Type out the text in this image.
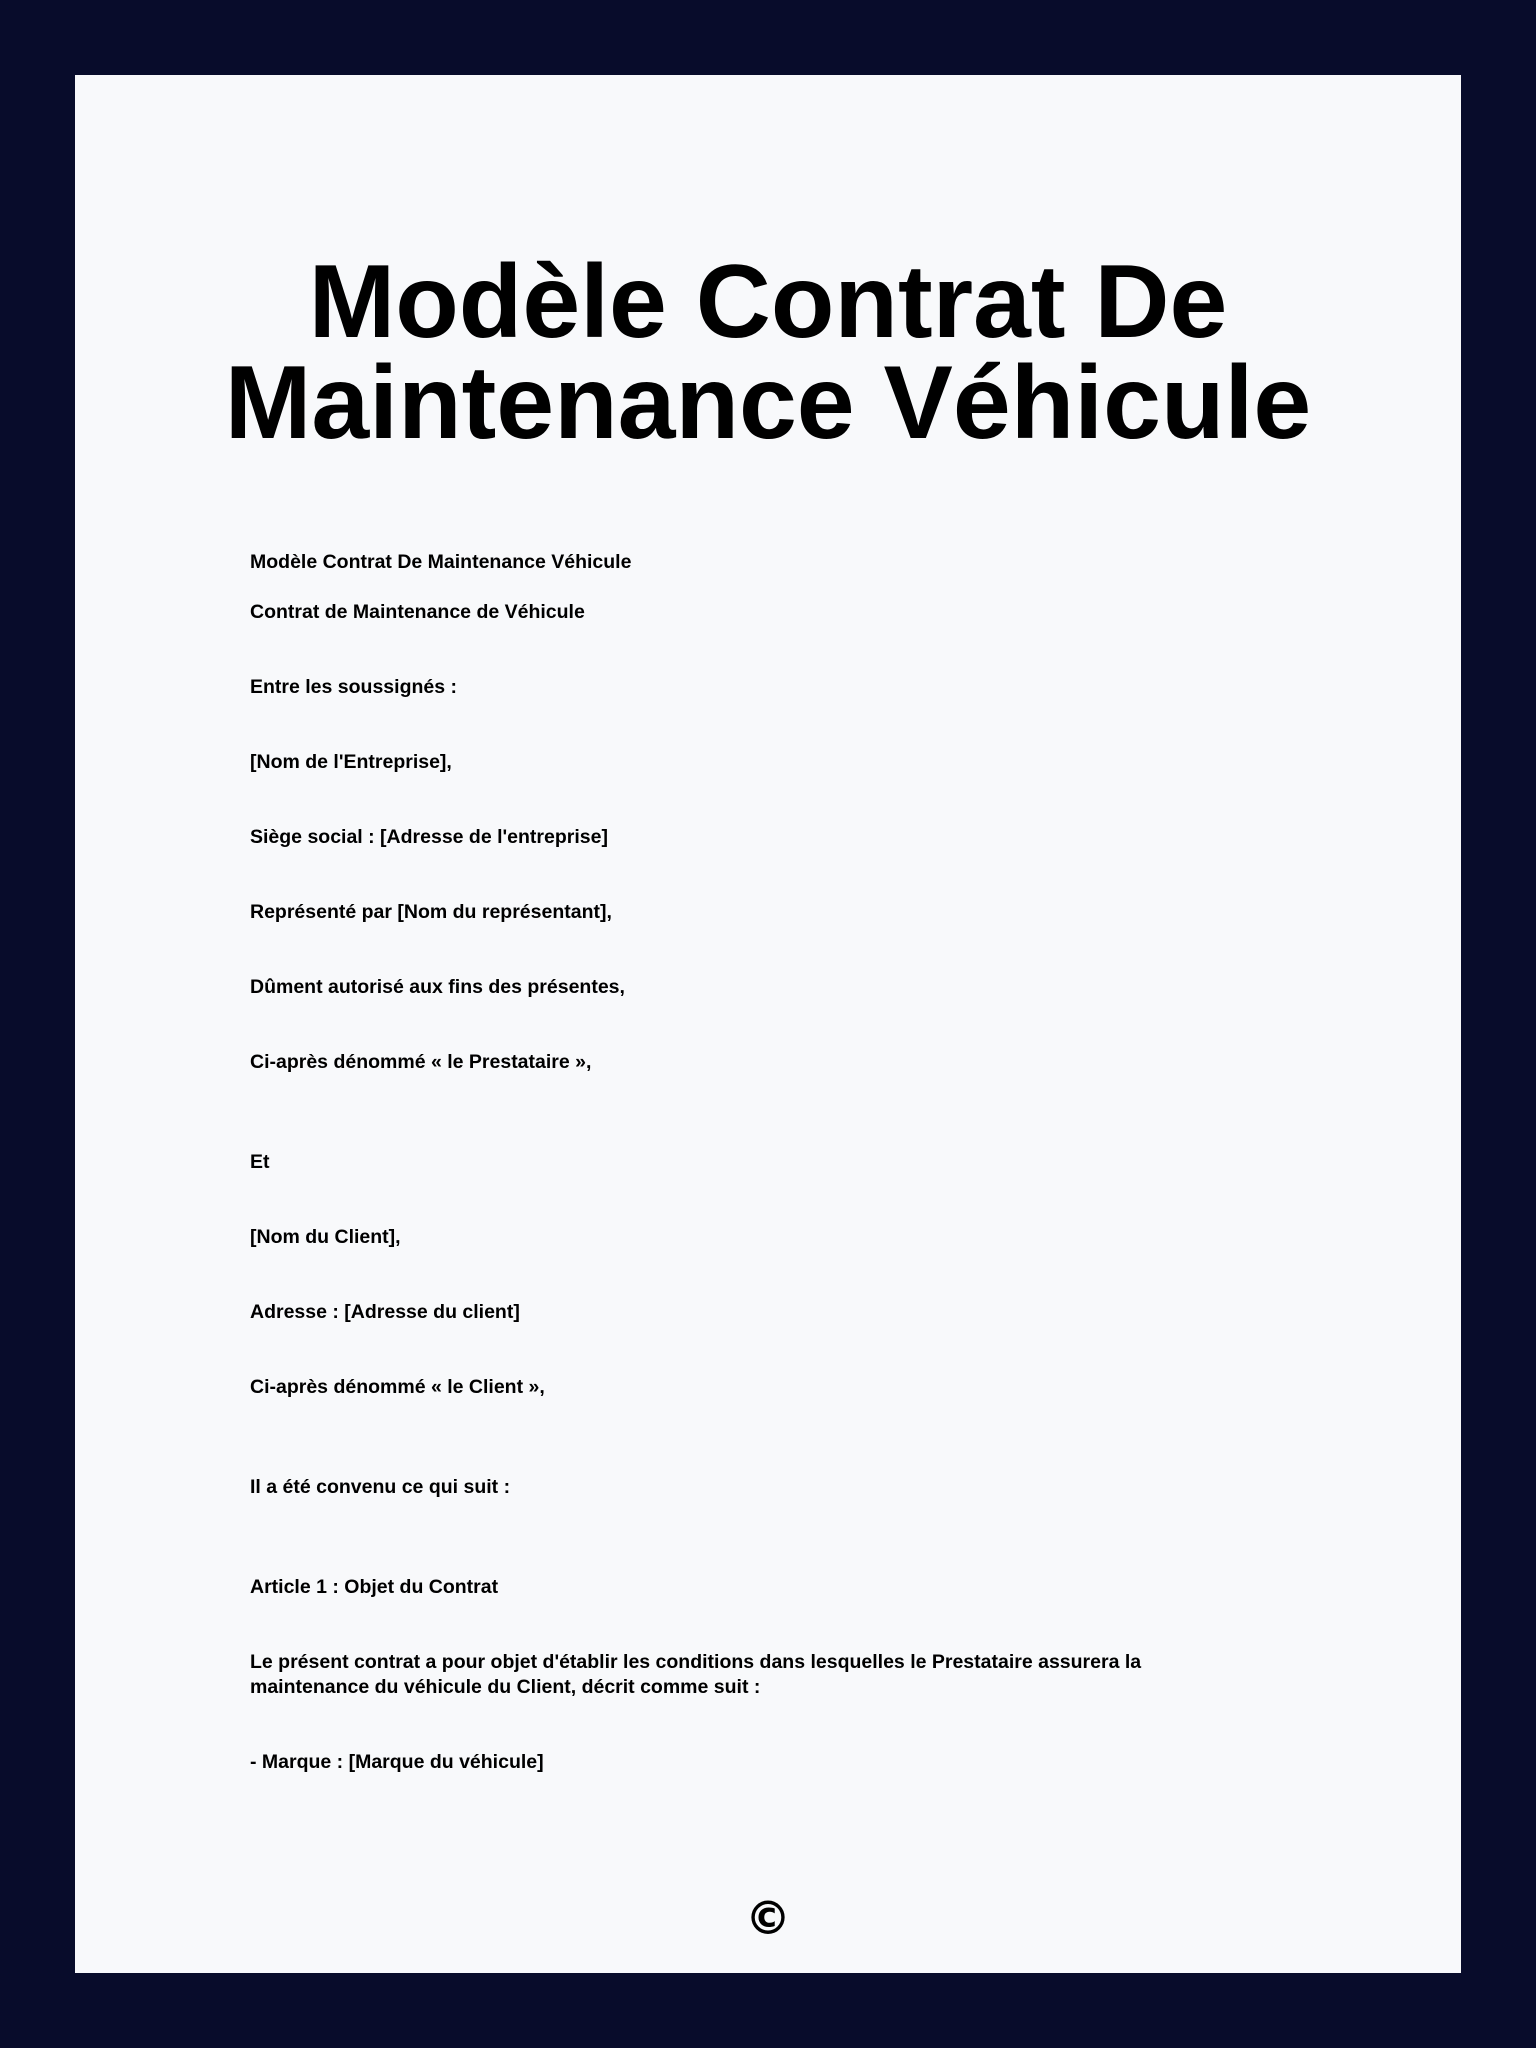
Modèle Contrat De Maintenance Véhicule

Modèle Contrat De Maintenance Véhicule

Contrat de Maintenance de Véhicule

Entre les soussignés :

[Nom de l'Entreprise],

Siège social : [Adresse de l'entreprise]

Représenté par [Nom du représentant],

Dûment autorisé aux fins des présentes,

Ci-après dénommé « le Prestataire »,

Et

[Nom du Client],

Adresse : [Adresse du client]

Ci-après dénommé « le Client »,

Il a été convenu ce qui suit :

Article 1 : Objet du Contrat

Le présent contrat a pour objet d'établir les conditions dans lesquelles le Prestataire assurera la maintenance du véhicule du Client, décrit comme suit :

- Marque : [Marque du véhicule]

©
